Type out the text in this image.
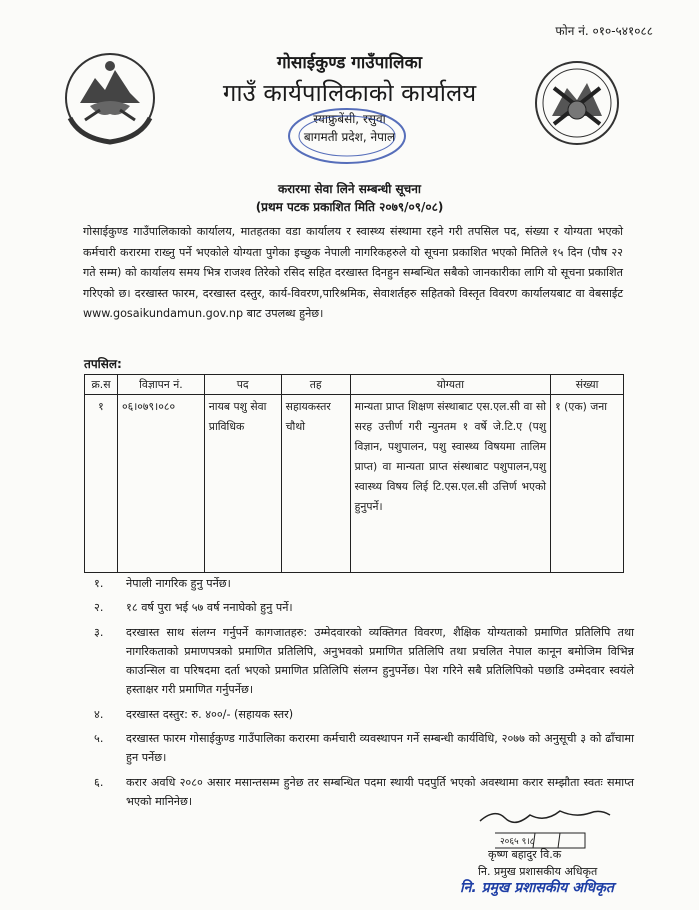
फोन नं. ०१०-५४१०८८
गोसाईकुण्ड गाउँपालिका
गाउँ कार्यपालिकाको कार्यालय
स्याफ्रुबेंसी, रसुवा
बागमती प्रदेश, नेपाल
करारमा सेवा लिने सम्बन्धी सूचना
(प्रथम पटक प्रकाशित मिति २०७९/०९/०८)
गोसाईकुण्ड गाउँपालिकाको कार्यालय, मातहतका वडा कार्यालय र स्वास्थ्य संस्थामा रहने गरी तपसिल पद, संख्या र योग्यता भएको कर्मचारी करारमा राख्नु पर्ने भएकोले योग्यता पुगेका इच्छुक नेपाली नागरिकहरुले यो सूचना प्रकाशित भएको मितिले १५ दिन (पौष २२ गते सम्म) को कार्यालय समय भित्र राजश्व तिरेको रसिद सहित दरखास्त दिनहुन सम्बन्धित सबैको जानकारीका लागि यो सूचना प्रकाशित गरिएको छ। दरखास्त फारम, दरखास्त दस्तुर, कार्य-विवरण,पारिश्रमिक, सेवाशर्तहरु सहितको विस्तृत विवरण कार्यालयबाट वा वेबसाईट www.gosaikundamun.gov.np बाट उपलब्ध हुनेछ।
तपसिल:
क्र.स	विज्ञापन नं.	पद	तह	योग्यता	संख्या
१	०६।०७९।०८०	नायब पशु सेवा प्राविधिक	सहायकस्तर चौथो	मान्यता प्राप्त शिक्षण संस्थाबाट एस.एल.सी वा सो सरह उत्तीर्ण गरी न्युनतम १ वर्षे जे.टि.ए (पशु विज्ञान, पशुपालन, पशु स्वास्थ्य विषयमा तालिम प्राप्त) वा मान्यता प्राप्त संस्थाबाट पशुपालन,पशु स्वास्थ्य विषय लिई टि.एस.एल.सी उत्तिर्ण भएको हुनुपर्ने।	१ (एक) जना
१.	नेपाली नागरिक हुनु पर्नेछ।
२.	१८ वर्ष पुरा भई ५७ वर्ष ननाघेको हुनु पर्ने।
३.	दरखास्त साथ संलग्न गर्नुपर्ने कागजातहरु: उम्मेदवारको व्यक्तिगत विवरण, शैक्षिक योग्यताको प्रमाणित प्रतिलिपि तथा नागरिकताको प्रमाणपत्रको प्रमाणित प्रतिलिपि, अनुभवको प्रमाणित प्रतिलिपि तथा प्रचलित नेपाल कानून बमोजिम विभिन्न काउन्सिल वा परिषदमा दर्ता भएको प्रमाणित प्रतिलिपि संलग्न हुनुपर्नेछ। पेश गरिने सबै प्रतिलिपिको पछाडि उम्मेदवार स्वयंले हस्ताक्षर गरी प्रमाणित गर्नुपर्नेछ।
४.	दरखास्त दस्तुर: रु. ४००/- (सहायक स्तर)
५.	दरखास्त फारम गोसाईकुण्ड गाउँपालिका करारमा कर्मचारी व्यवस्थापन गर्ने सम्बन्धी कार्यविधि, २०७७ को अनुसूची ३ को ढाँचामा हुन पर्नेछ।
६.	करार अवधि २०८० असार मसान्तसम्म हुनेछ तर सम्बन्धित पदमा स्थायी पदपुर्ति भएको अवस्थामा करार सम्झौता स्वतः समाप्त भएको मानिनेछ।
२०६५ ९।८
कृष्ण बहादुर वि.क
नि. प्रमुख प्रशासकीय अधिकृत
नि. प्रमुख प्रशासकीय अधिकृत
